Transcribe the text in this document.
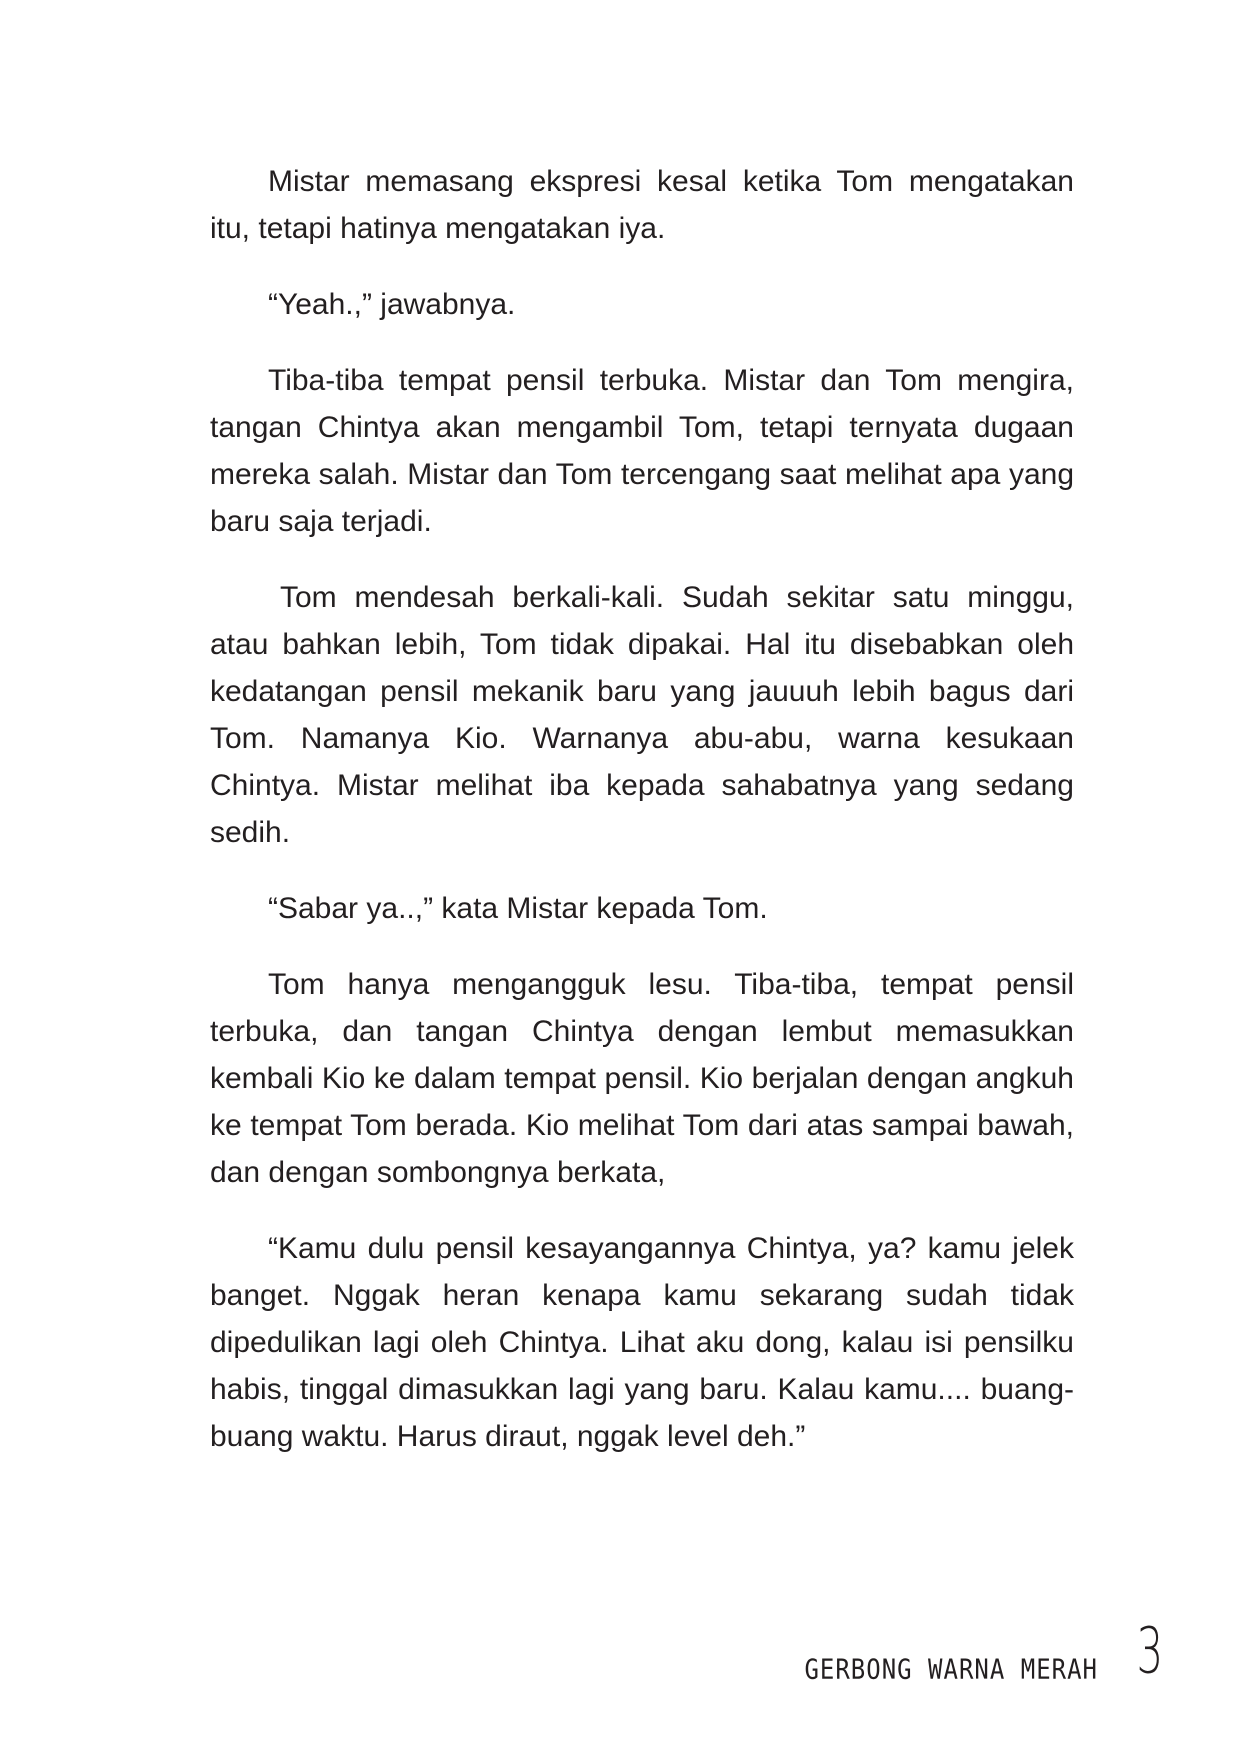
Mistar memasang ekspresi kesal ketika Tom mengatakan itu, tetapi hatinya mengatakan iya.

“Yeah.,” jawabnya.

Tiba-tiba tempat pensil terbuka. Mistar dan Tom mengira, tangan Chintya akan mengambil Tom, tetapi ternyata dugaan mereka salah. Mistar dan Tom tercengang saat melihat apa yang baru saja terjadi.

Tom mendesah berkali-kali. Sudah sekitar satu minggu, atau bahkan lebih, Tom tidak dipakai. Hal itu disebabkan oleh kedatangan pensil mekanik baru yang jauuuh lebih bagus dari Tom. Namanya Kio. Warnanya abu-abu, warna kesukaan Chintya. Mistar melihat iba kepada sahabatnya yang sedang sedih.

“Sabar ya..,” kata Mistar kepada Tom.

Tom hanya mengangguk lesu. Tiba-tiba, tempat pensil terbuka, dan tangan Chintya dengan lembut memasukkan kembali Kio ke dalam tempat pensil. Kio berjalan dengan angkuh ke tempat Tom berada. Kio melihat Tom dari atas sampai bawah, dan dengan sombongnya berkata,

“Kamu dulu pensil kesayangannya Chintya, ya? kamu jelek banget. Nggak heran kenapa kamu sekarang sudah tidak dipedulikan lagi oleh Chintya. Lihat aku dong, kalau isi pensilku habis, tinggal dimasukkan lagi yang baru. Kalau kamu.... buang-buang waktu. Harus diraut, nggak level deh.”

GERBONG WARNA MERAH 3
